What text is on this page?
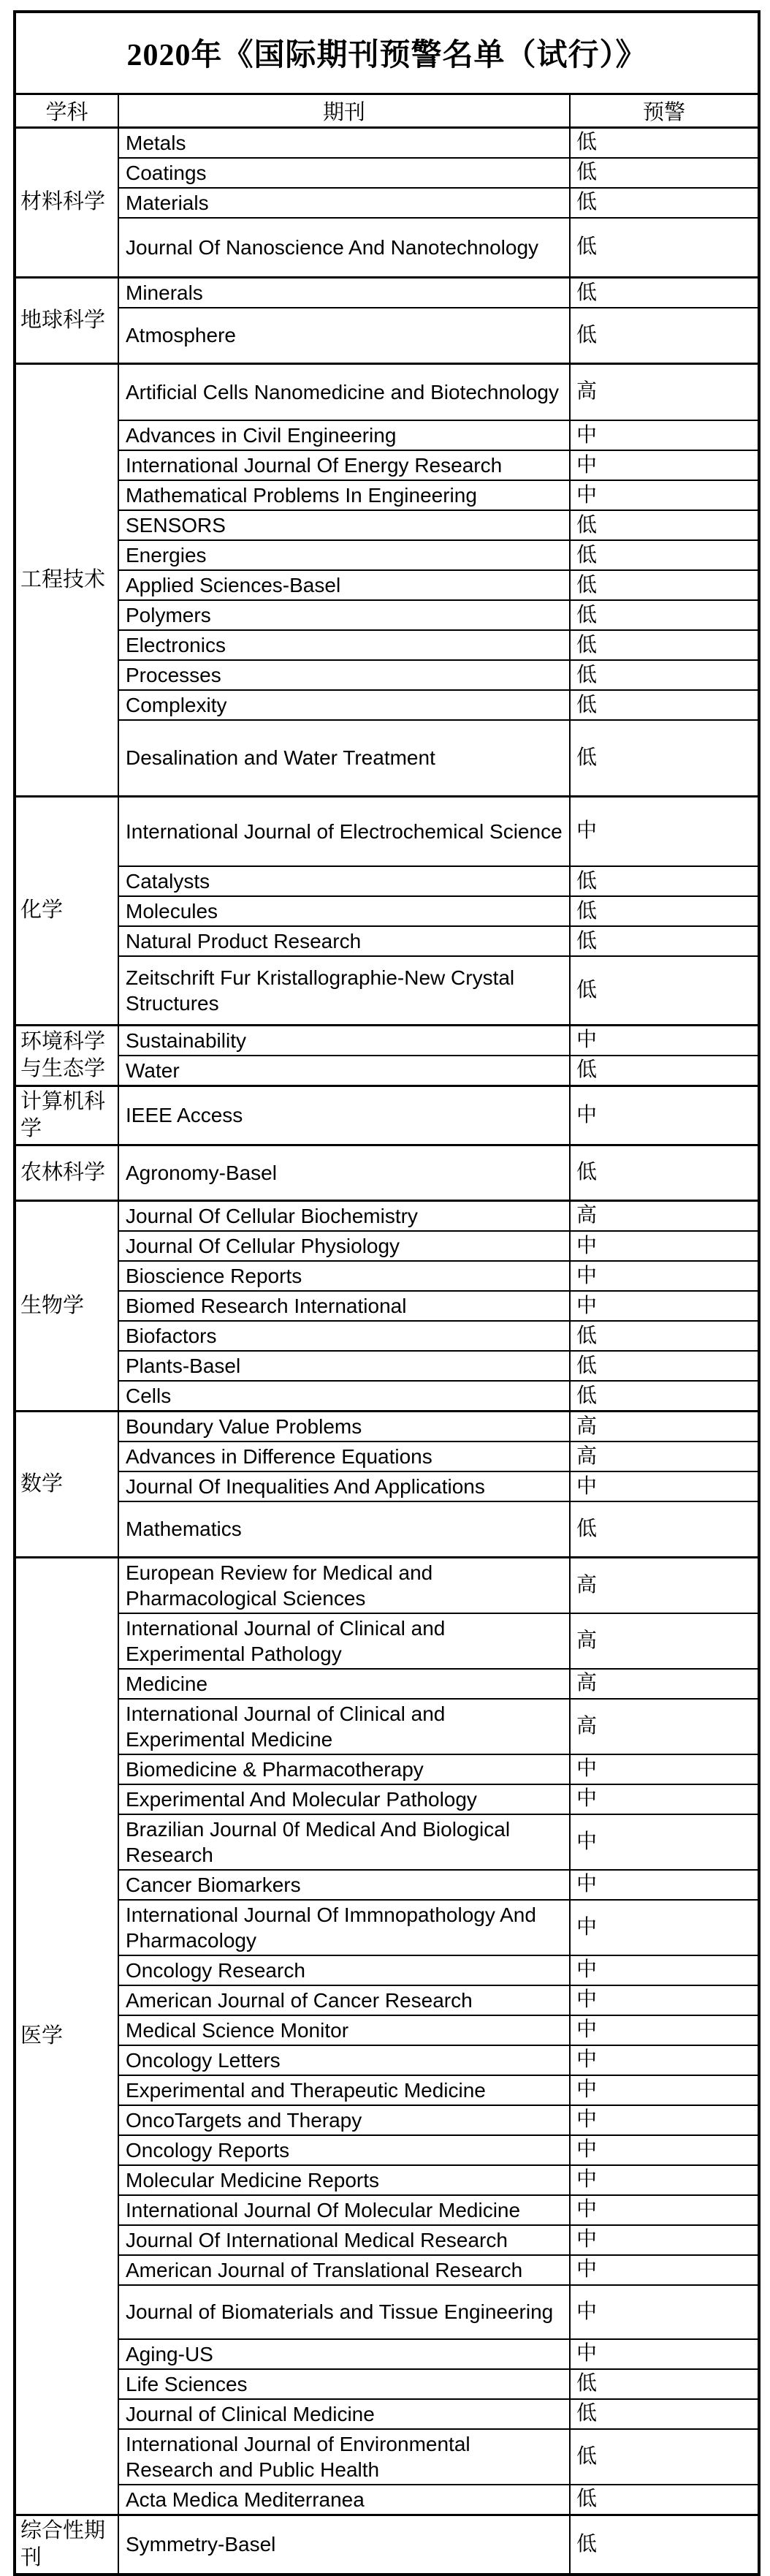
2020年《国际期刊预警名单（试行）》		
学科	期刊	预警
材料科学	Metals	低
	Coatings	低
	Materials	低
	Journal Of Nanoscience And Nanotechnology	低
地球科学	Minerals	低
	Atmosphere	低
工程技术	Artificial Cells Nanomedicine and Biotechnology	高
	Advances in Civil Engineering	中
	International Journal Of Energy Research	中
	Mathematical Problems In Engineering	中
	SENSORS	低
	Energies	低
	Applied Sciences-Basel	低
	Polymers	低
	Electronics	低
	Processes	低
	Complexity	低
	Desalination and Water Treatment	低
化学	International Journal of Electrochemical Science	中
	Catalysts	低
	Molecules	低
	Natural Product Research	低
	Zeitschrift Fur Kristallographie-New Crystal Structures	低
环境科学与生态学	Sustainability	中
	Water	低
计算机科学	IEEE Access	中
农林科学	Agronomy-Basel	低
生物学	Journal Of Cellular Biochemistry	高
	Journal Of Cellular Physiology	中
	Bioscience Reports	中
	Biomed Research International	中
	Biofactors	低
	Plants-Basel	低
	Cells	低
数学	Boundary Value Problems	高
	Advances in Difference Equations	高
	Journal Of Inequalities And Applications	中
	Mathematics	低
医学	European Review for Medical and Pharmacological Sciences	高
	International Journal of Clinical and Experimental Pathology	高
	Medicine	高
	International Journal of Clinical and Experimental Medicine	高
	Biomedicine & Pharmacotherapy	中
	Experimental And Molecular Pathology	中
	Brazilian Journal 0f Medical And Biological Research	中
	Cancer Biomarkers	中
	International Journal Of Immnopathology And Pharmacology	中
	Oncology Research	中
	American Journal of Cancer Research	中
	Medical Science Monitor	中
	Oncology Letters	中
	Experimental and Therapeutic Medicine	中
	OncoTargets and Therapy	中
	Oncology Reports	中
	Molecular Medicine Reports	中
	International Journal Of Molecular Medicine	中
	Journal Of International Medical Research	中
	American Journal of Translational Research	中
	Journal of Biomaterials and Tissue Engineering	中
	Aging-US	中
	Life Sciences	低
	Journal of Clinical Medicine	低
	International Journal of Environmental Research and Public Health	低
	Acta Medica Mediterranea	低
综合性期刊	Symmetry-Basel	低
